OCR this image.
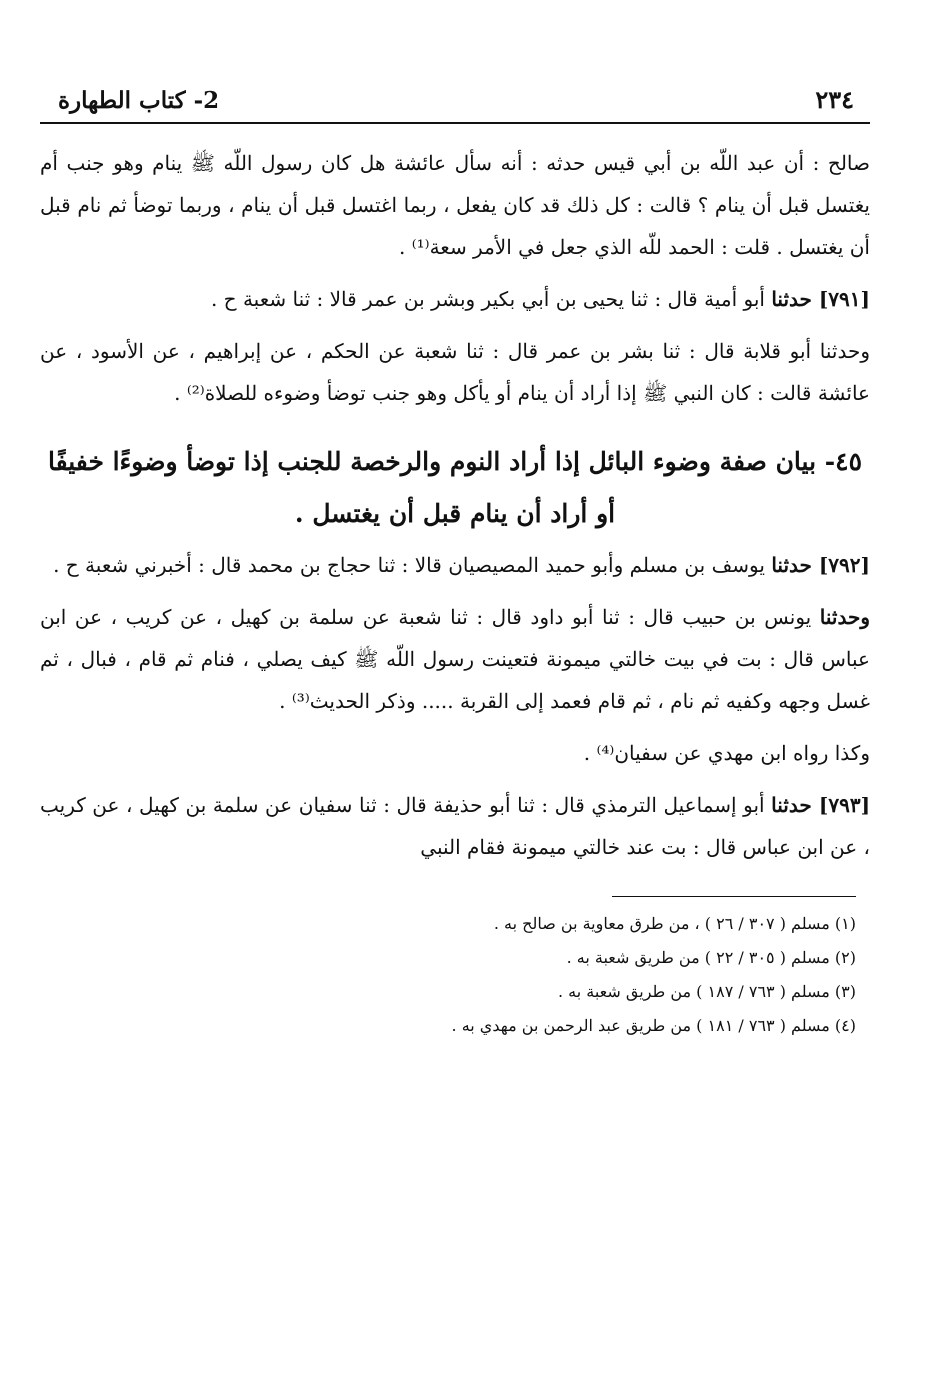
٢٣٤
2- كتاب الطهارة

صالح : أن عبد اللّه بن أبي قيس حدثه : أنه سأل عائشة هل كان رسول اللّه ﷺ ينام وهو جنب أم يغتسل قبل أن ينام ؟ قالت : كل ذلك قد كان يفعل ، ربما اغتسل قبل أن ينام ، وربما توضأ ثم نام قبل أن يغتسل . قلت : الحمد للّه الذي جعل في الأمر سعة⁽¹⁾ .

[٧٩١] حدثنا أبو أمية قال : ثنا يحيى بن أبي بكير وبشر بن عمر قالا : ثنا شعبة ح .

وحدثنا أبو قلابة قال : ثنا بشر بن عمر قال : ثنا شعبة عن الحكم ، عن إبراهيم ، عن الأسود ، عن عائشة قالت : كان النبي ﷺ إذا أراد أن ينام أو يأكل وهو جنب توضأ وضوءه للصلاة⁽²⁾ .

٤٥- بيان صفة وضوء البائل إذا أراد النوم والرخصة للجنب إذا توضأ وضوءًا خفيفًا أو أراد أن ينام قبل أن يغتسل .

[٧٩٢] حدثنا يوسف بن مسلم وأبو حميد المصيصيان قالا : ثنا حجاج بن محمد قال : أخبرني شعبة ح .

وحدثنا يونس بن حبيب قال : ثنا أبو داود قال : ثنا شعبة عن سلمة بن كهيل ، عن كريب ، عن ابن عباس قال : بت في بيت خالتي ميمونة فتعينت رسول اللّه ﷺ كيف يصلي ، فنام ثم قام ، فبال ، ثم غسل وجهه وكفيه ثم نام ، ثم قام فعمد إلى القربة ..... وذكر الحديث⁽³⁾ .

وكذا رواه ابن مهدي عن سفيان⁽⁴⁾ .

[٧٩٣] حدثنا أبو إسماعيل الترمذي قال : ثنا أبو حذيفة قال : ثنا سفيان عن سلمة بن كهيل ، عن كريب ، عن ابن عباس قال : بت عند خالتي ميمونة فقام النبي

(١) مسلم ( ٣٠٧ / ٢٦ ) ، من طرق معاوية بن صالح به .
(٢) مسلم ( ٣٠٥ / ٢٢ ) من طريق شعبة به .
(٣) مسلم ( ٧٦٣ / ١٨٧ ) من طريق شعبة به .
(٤) مسلم ( ٧٦٣ / ١٨١ ) من طريق عبد الرحمن بن مهدي به .
